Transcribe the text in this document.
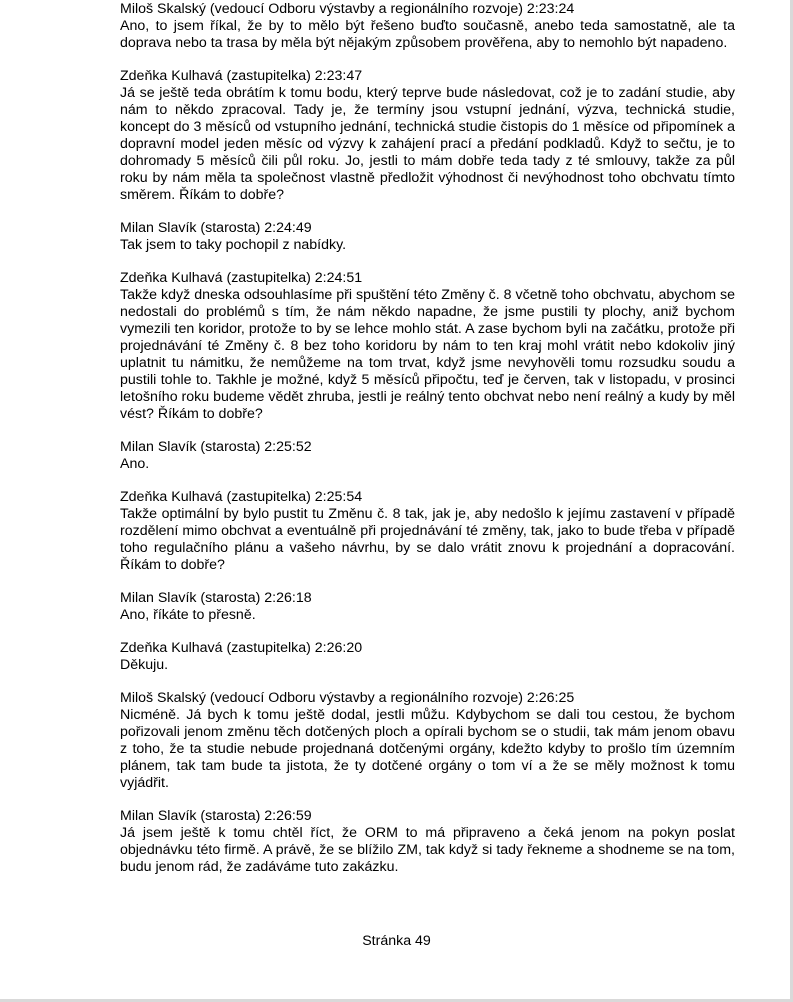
Miloš Skalský (vedoucí Odboru výstavby a regionálního rozvoje) 2:23:24
Ano, to jsem říkal, že by to mělo být řešeno buďto současně, anebo teda samostatně, ale ta doprava nebo ta trasa by měla být nějakým způsobem prověřena, aby to nemohlo být napadeno.
Zdeňka Kulhavá (zastupitelka) 2:23:47
Já se ještě teda obrátím k tomu bodu, který teprve bude následovat, což je to zadání studie, aby nám to někdo zpracoval. Tady je, že termíny jsou vstupní jednání, výzva, technická studie, koncept do 3 měsíců od vstupního jednání, technická studie čistopis do 1 měsíce od připomínek a dopravní model jeden měsíc od výzvy k zahájení prací a předání podkladů. Když to sečtu, je to dohromady 5 měsíců čili půl roku. Jo, jestli to mám dobře teda tady z té smlouvy, takže za půl roku by nám měla ta společnost vlastně předložit výhodnost či nevýhodnost toho obchvatu tímto směrem. Říkám to dobře?
Milan Slavík (starosta) 2:24:49
Tak jsem to taky pochopil z nabídky.
Zdeňka Kulhavá (zastupitelka) 2:24:51
Takže když dneska odsouhlasíme při spuštění této Změny č. 8 včetně toho obchvatu, abychom se nedostali do problémů s tím, že nám někdo napadne, že jsme pustili ty plochy, aniž bychom vymezili ten koridor, protože to by se lehce mohlo stát. A zase bychom byli na začátku, protože při projednávání té Změny č. 8 bez toho koridoru by nám to ten kraj mohl vrátit nebo kdokoliv jiný uplatnit tu námitku, že nemůžeme na tom trvat, když jsme nevyhověli tomu rozsudku soudu a pustili tohle to. Takhle je možné, když 5 měsíců připočtu, teď je červen, tak v listopadu, v prosinci letošního roku budeme vědět zhruba, jestli je reálný tento obchvat nebo není reálný a kudy by měl vést? Říkám to dobře?
Milan Slavík (starosta) 2:25:52
Ano.
Zdeňka Kulhavá (zastupitelka) 2:25:54
Takže optimální by bylo pustit tu Změnu č. 8 tak, jak je, aby nedošlo k jejímu zastavení v případě rozdělení mimo obchvat a eventuálně při projednávání té změny, tak, jako to bude třeba v případě toho regulačního plánu a vašeho návrhu, by se dalo vrátit znovu k projednání a dopracování. Říkám to dobře?
Milan Slavík (starosta) 2:26:18
Ano, říkáte to přesně.
Zdeňka Kulhavá (zastupitelka) 2:26:20
Děkuju.
Miloš Skalský (vedoucí Odboru výstavby a regionálního rozvoje) 2:26:25
Nicméně. Já bych k tomu ještě dodal, jestli můžu. Kdybychom se dali tou cestou, že bychom pořizovali jenom změnu těch dotčených ploch a opírali bychom se o studii, tak mám jenom obavu z toho, že ta studie nebude projednaná dotčenými orgány, kdežto kdyby to prošlo tím územním plánem, tak tam bude ta jistota, že ty dotčené orgány o tom ví a že se měly možnost k tomu vyjádřit.
Milan Slavík (starosta) 2:26:59
Já jsem ještě k tomu chtěl říct, že ORM to má připraveno a čeká jenom na pokyn poslat objednávku této firmě. A právě, že se blížilo ZM, tak když si tady řekneme a shodneme se na tom, budu jenom rád, že zadáváme tuto zakázku.
Stránka 49
